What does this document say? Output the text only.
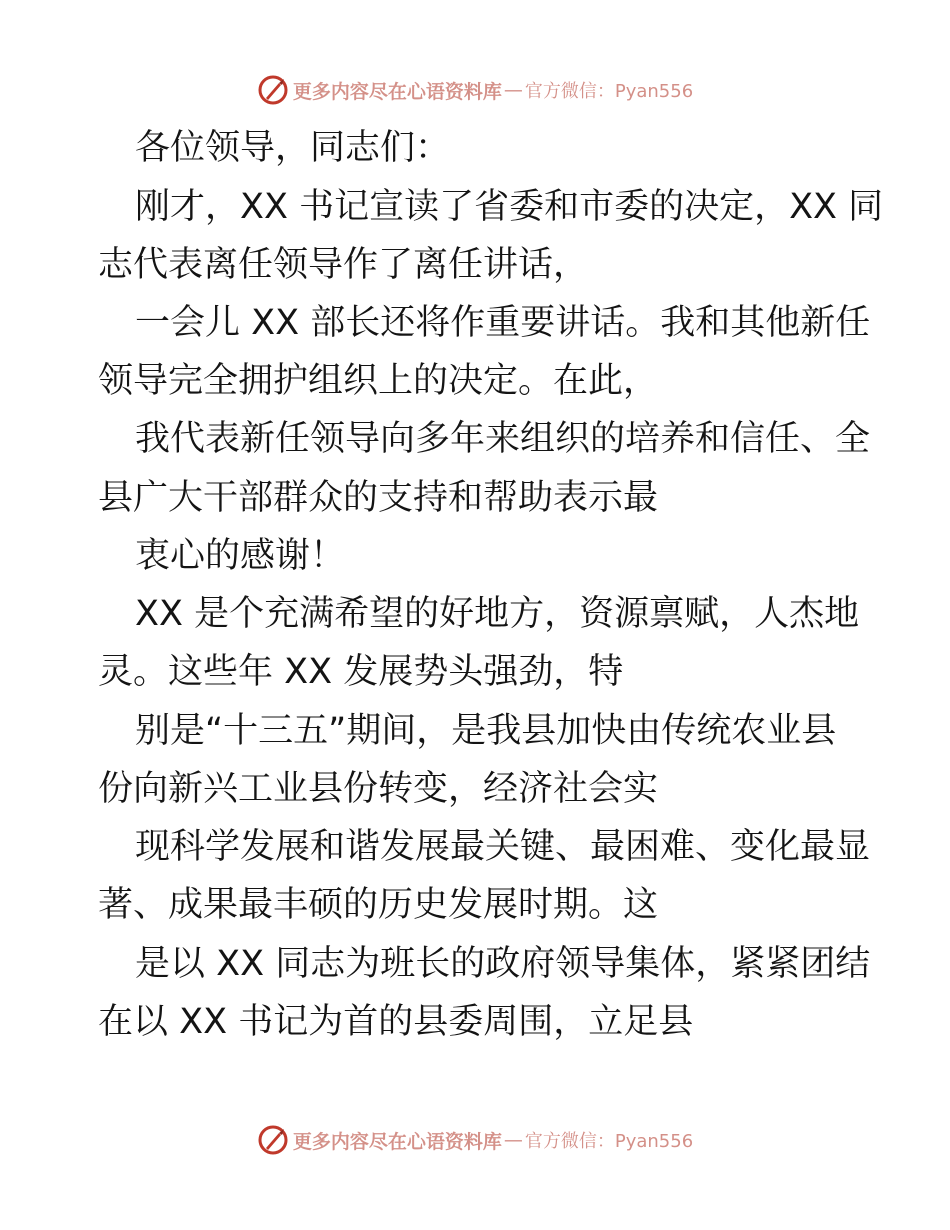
更多内容尽在心语资料库 — 官方微信：Pyan556
各位领导，同志们：
刚才，XX 书记宣读了省委和市委的决定，XX 同
志代表离任领导作了离任讲话，
一会儿 XX 部长还将作重要讲话。我和其他新任
领导完全拥护组织上的决定。在此，
我代表新任领导向多年来组织的培养和信任、全
县广大干部群众的支持和帮助表示最
衷心的感谢！
XX 是个充满希望的好地方，资源禀赋，人杰地
灵。这些年 XX 发展势头强劲，特
别是“十三五”期间，是我县加快由传统农业县
份向新兴工业县份转变，经济社会实
现科学发展和谐发展最关键、最困难、变化最显
著、成果最丰硕的历史发展时期。这
是以 XX 同志为班长的政府领导集体，紧紧团结
在以 XX 书记为首的县委周围，立足县
更多内容尽在心语资料库 — 官方微信：Pyan556
